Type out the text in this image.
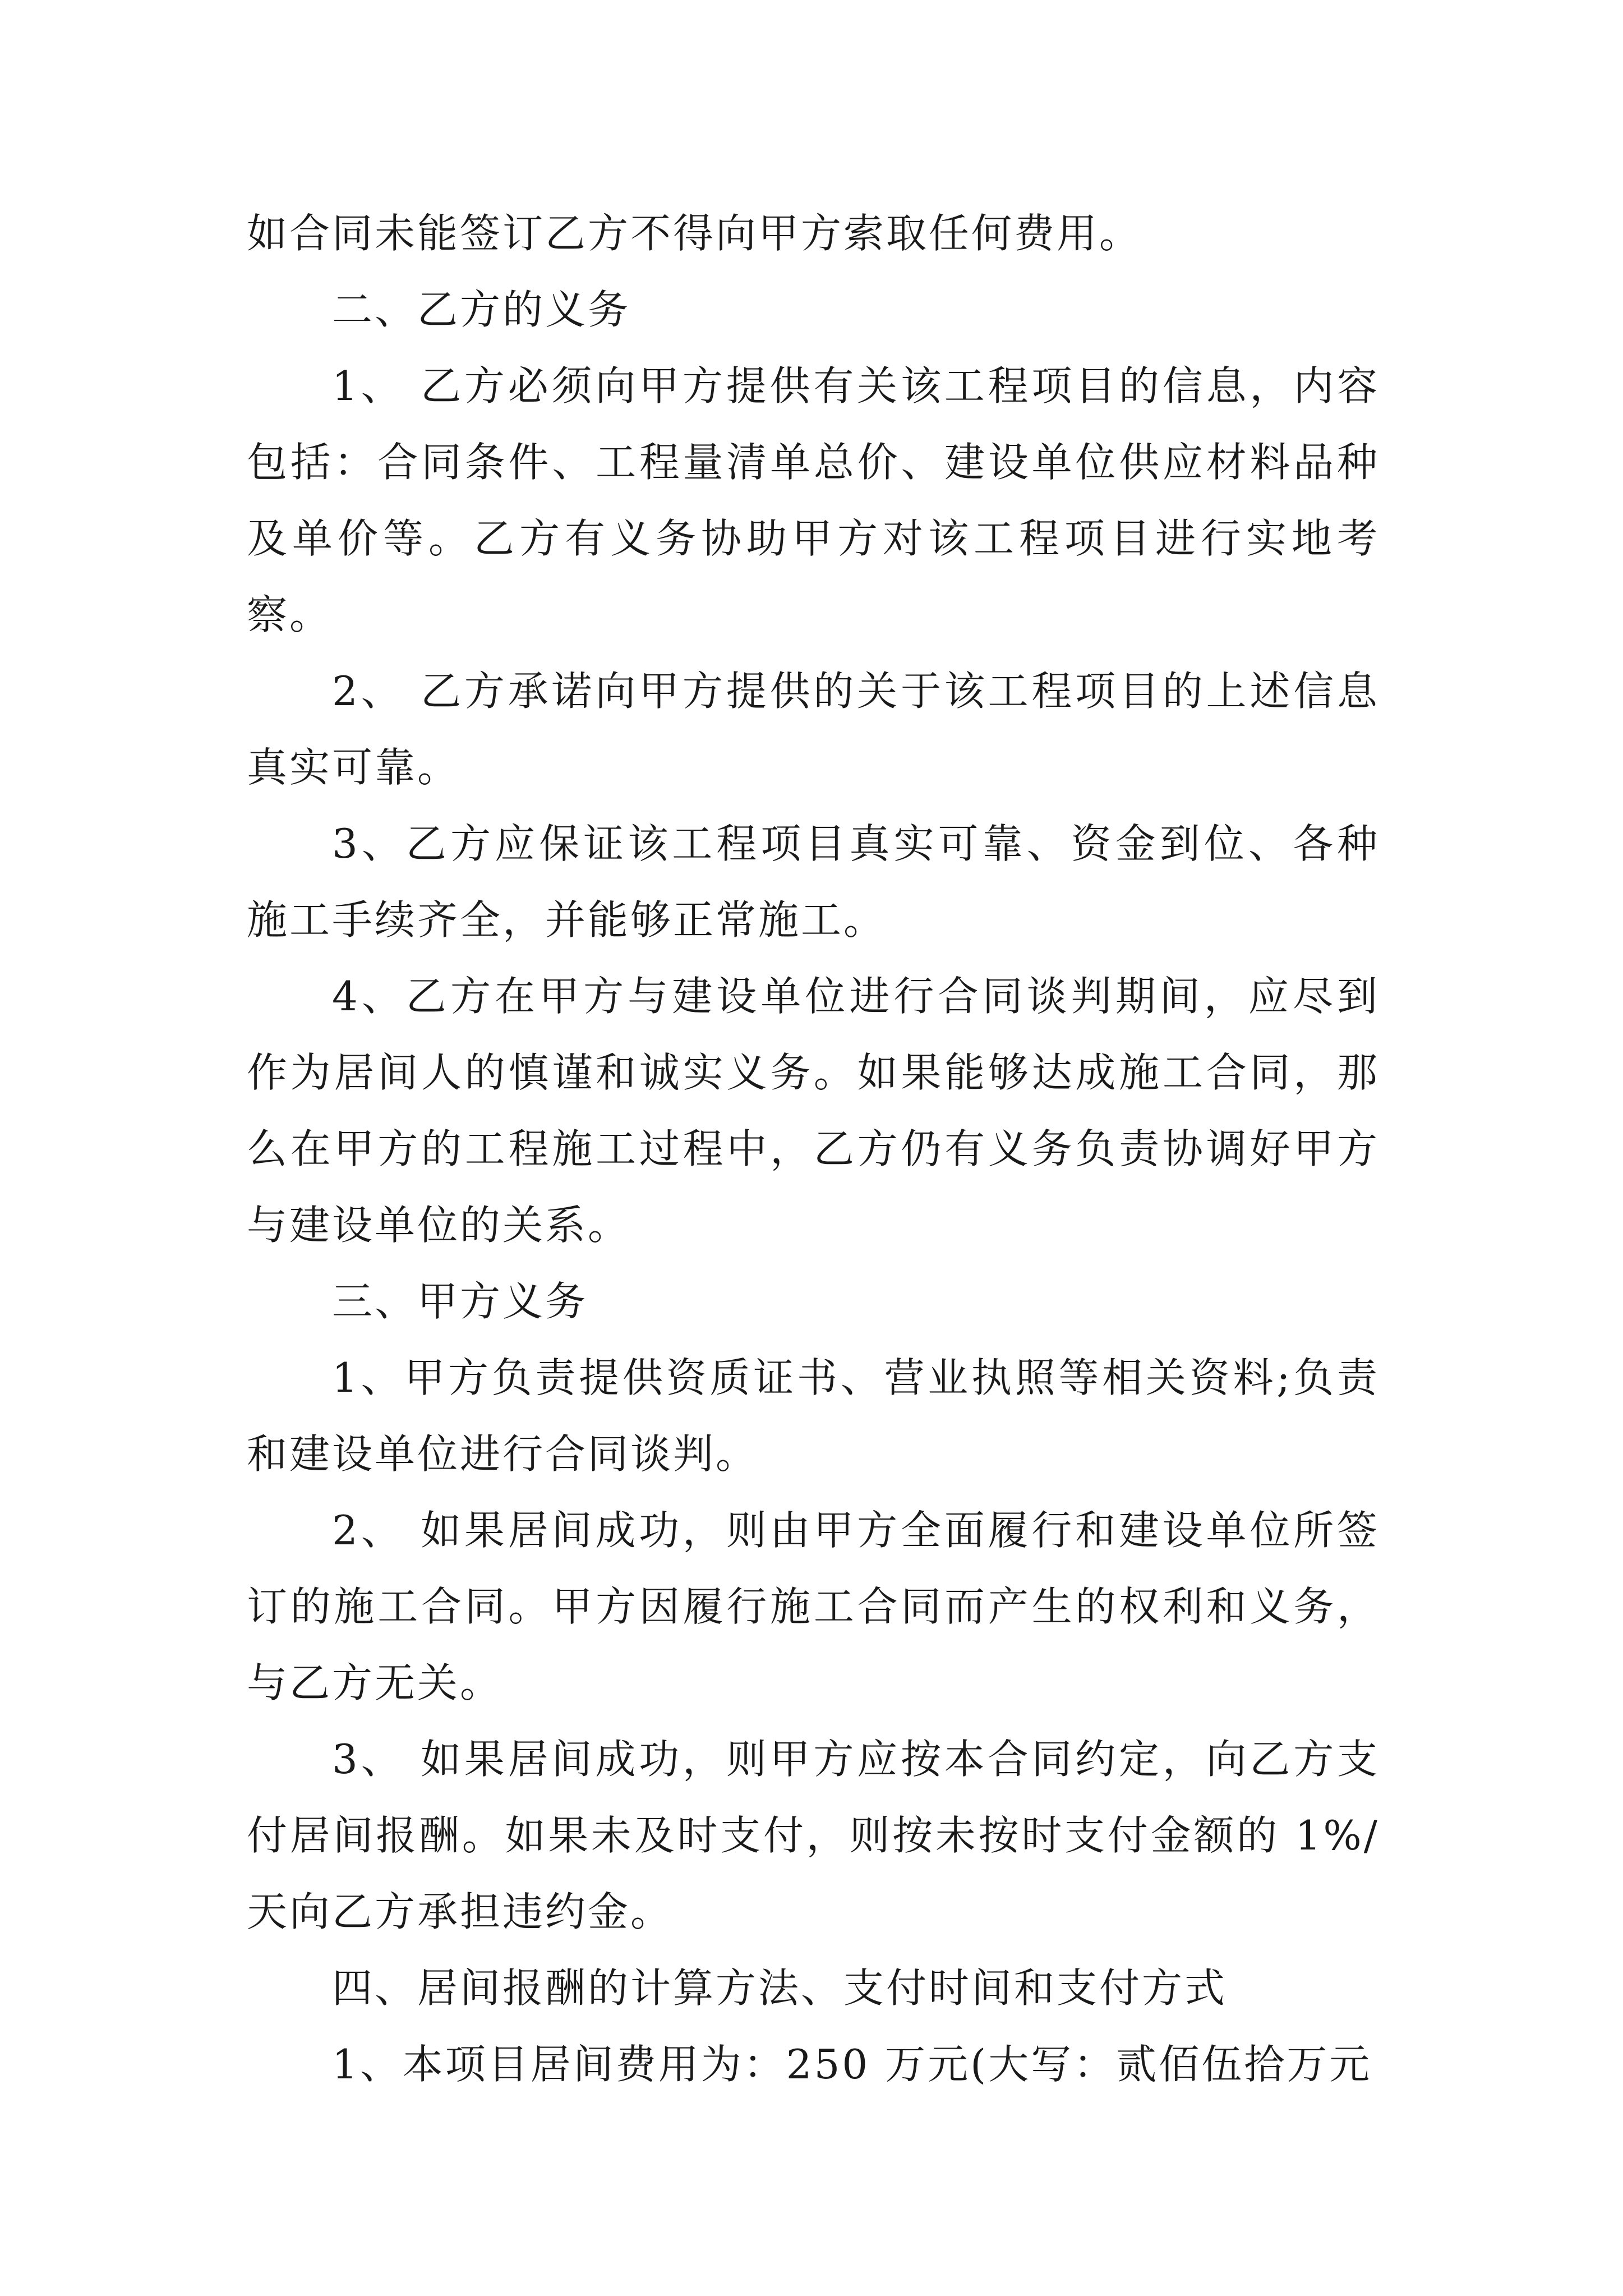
如合同未能签订乙方不得向甲方索取任何费用。

二、乙方的义务

1、 乙方必须向甲方提供有关该工程项目的信息，内容包括：合同条件、工程量清单总价、建设单位供应材料品种及单价等。乙方有义务协助甲方对该工程项目进行实地考察。

2、 乙方承诺向甲方提供的关于该工程项目的上述信息真实可靠。

3、乙方应保证该工程项目真实可靠、资金到位、各种施工手续齐全，并能够正常施工。

4、乙方在甲方与建设单位进行合同谈判期间，应尽到作为居间人的慎谨和诚实义务。如果能够达成施工合同，那么在甲方的工程施工过程中，乙方仍有义务负责协调好甲方与建设单位的关系。

三、甲方义务

1、甲方负责提供资质证书、营业执照等相关资料;负责和建设单位进行合同谈判。

2、 如果居间成功，则由甲方全面履行和建设单位所签订的施工合同。甲方因履行施工合同而产生的权利和义务，与乙方无关。

3、 如果居间成功，则甲方应按本合同约定，向乙方支付居间报酬。如果未及时支付，则按未按时支付金额的 1%/天向乙方承担违约金。

四、居间报酬的计算方法、支付时间和支付方式

1、本项目居间费用为：250 万元(大写：贰佰伍拾万元
